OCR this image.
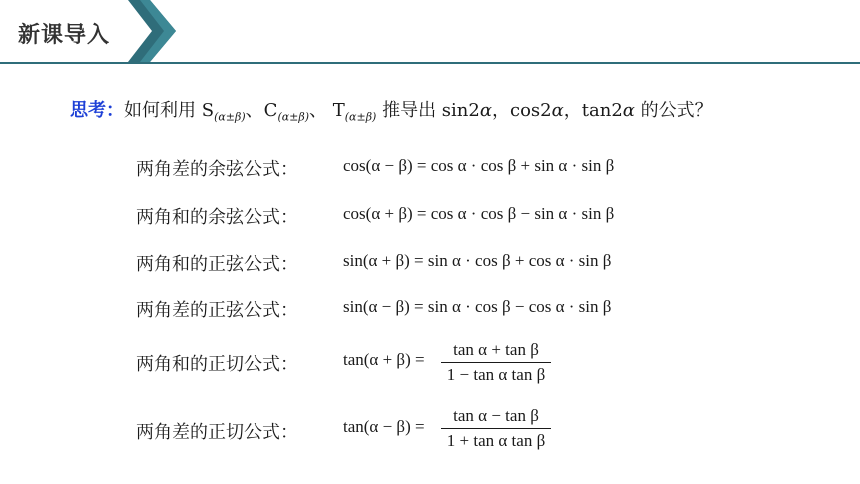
新课导入
思考：如何利用 $S_{(\alpha\pm\beta)}$、$C_{(\alpha\pm\beta)}$、 $T_{(\alpha\pm\beta)}$ 推导出 sin2α，cos2α，tan2α 的公式？
两角差的余弦公式：	cos(α − β) = cos α · cos β + sin α · sin β
两角和的余弦公式：	cos(α + β) = cos α · cos β − sin α · sin β
两角和的正弦公式：	sin(α + β) = sin α · cos β + cos α · sin β
两角差的正弦公式：	sin(α − β) = sin α · cos β − cos α · sin β
两角和的正切公式：	tan(α + β) =
tan α + tan β
1 − tan α tan β
两角差的正切公式：	tan(α − β) =
tan α − tan β
1 + tan α tan β
